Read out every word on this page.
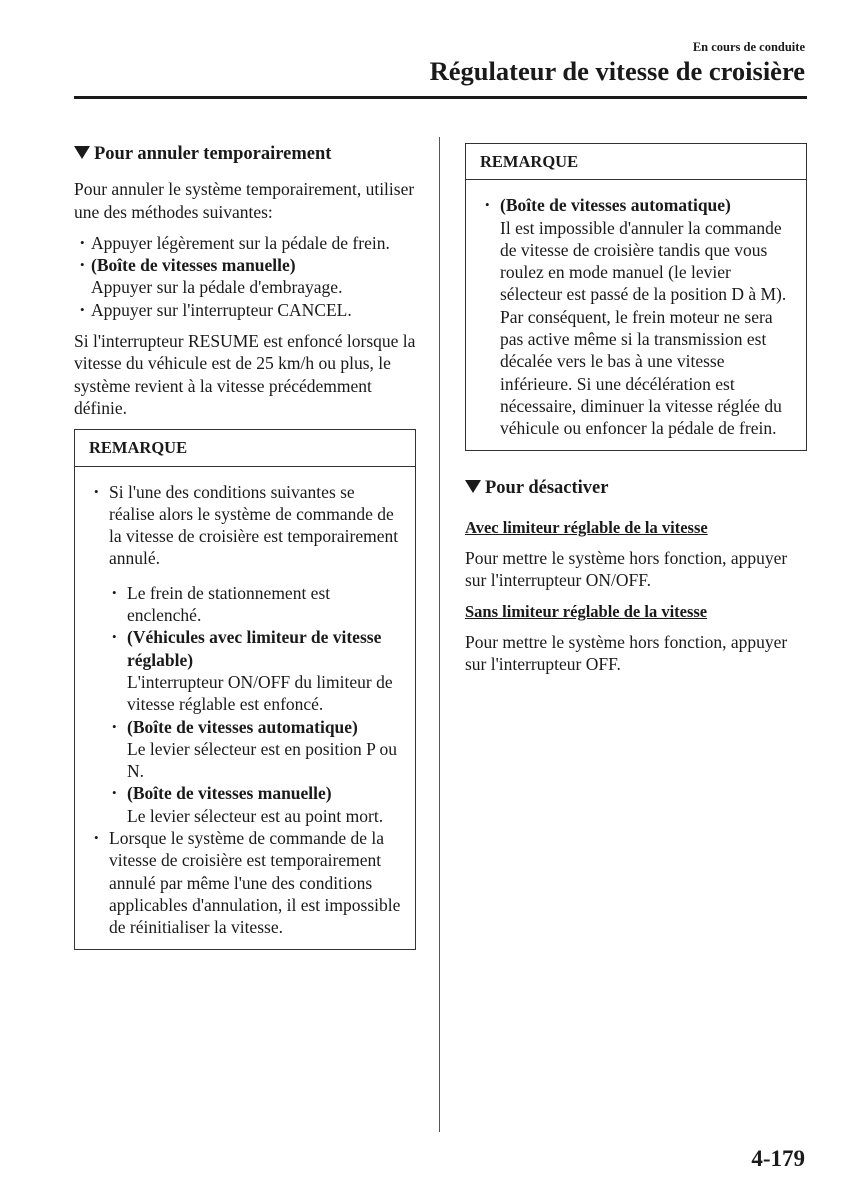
En cours de conduite
Régulateur de vitesse de croisière
Pour annuler temporairement

Pour annuler le système temporairement, utiliser une des méthodes suivantes:

• Appuyer légèrement sur la pédale de frein.
• (Boîte de vitesses manuelle)
Appuyer sur la pédale d'embrayage.
• Appuyer sur l'interrupteur CANCEL.

Si l'interrupteur RESUME est enfoncé lorsque la vitesse du véhicule est de 25 km/h ou plus, le système revient à la vitesse précédemment définie.

REMARQUE
• Si l'une des conditions suivantes se réalise alors le système de commande de la vitesse de croisière est temporairement annulé.
• Le frein de stationnement est enclenché.
• (Véhicules avec limiteur de vitesse réglable)
L'interrupteur ON/OFF du limiteur de vitesse réglable est enfoncé.
• (Boîte de vitesses automatique)
Le levier sélecteur est en position P ou N.
• (Boîte de vitesses manuelle)
Le levier sélecteur est au point mort.
• Lorsque le système de commande de la vitesse de croisière est temporairement annulé par même l'une des conditions applicables d'annulation, il est impossible de réinitialiser la vitesse.
REMARQUE
• (Boîte de vitesses automatique)
Il est impossible d'annuler la commande de vitesse de croisière tandis que vous roulez en mode manuel (le levier sélecteur est passé de la position D à M). Par conséquent, le frein moteur ne sera pas active même si la transmission est décalée vers le bas à une vitesse inférieure. Si une décélération est nécessaire, diminuer la vitesse réglée du véhicule ou enfoncer la pédale de frein.
Pour désactiver
Avec limiteur réglable de la vitesse

Pour mettre le système hors fonction, appuyer sur l'interrupteur ON/OFF.

Sans limiteur réglable de la vitesse

Pour mettre le système hors fonction, appuyer sur l'interrupteur OFF.

4-179
